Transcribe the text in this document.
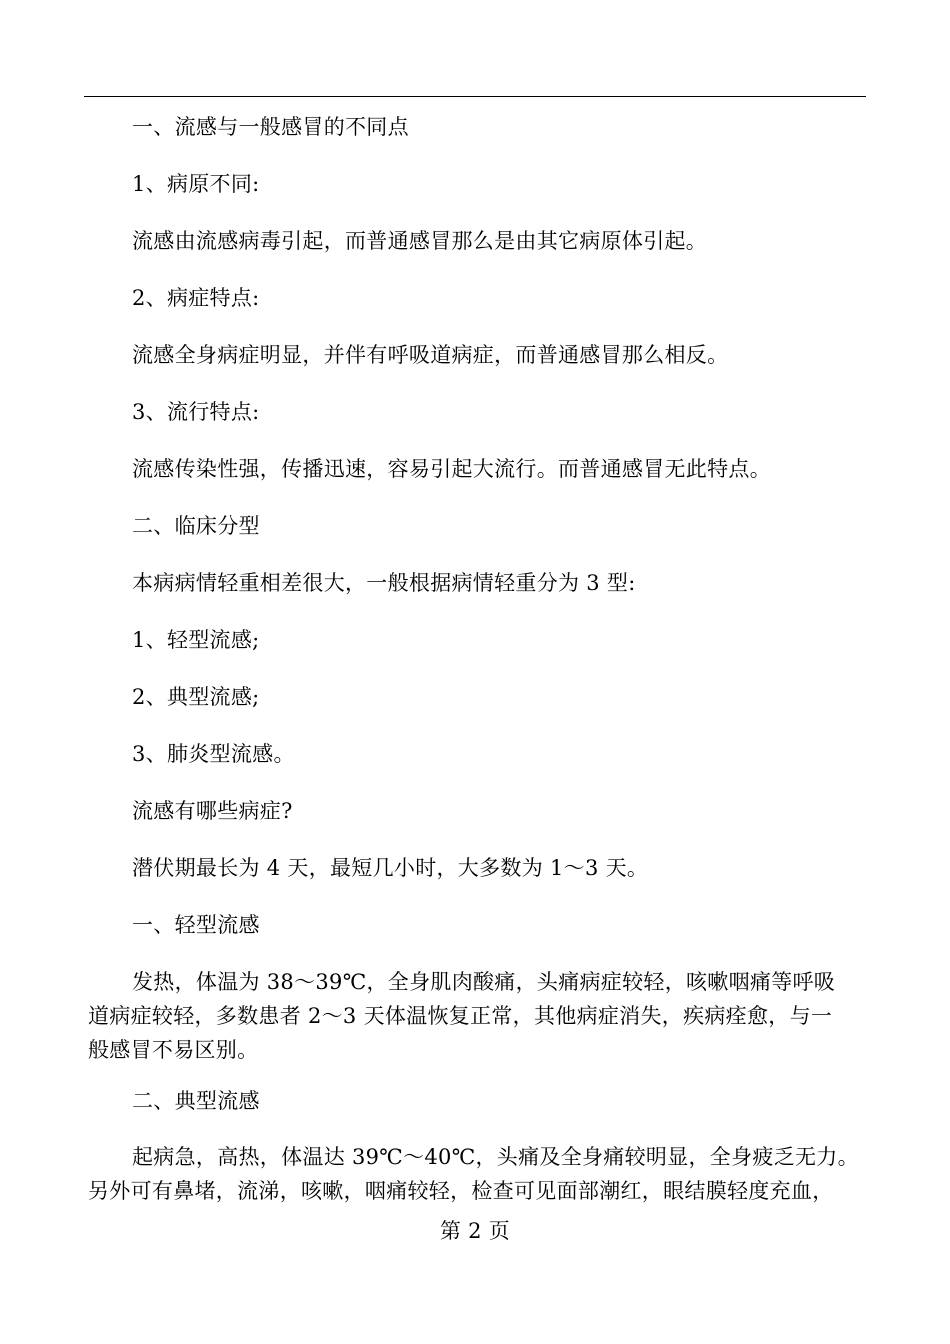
一、流感与一般感冒的不同点
1、病原不同:
流感由流感病毒引起，而普通感冒那么是由其它病原体引起。
2、病症特点:
流感全身病症明显，并伴有呼吸道病症，而普通感冒那么相反。
3、流行特点:
流感传染性强，传播迅速，容易引起大流行。而普通感冒无此特点。
二、临床分型
本病病情轻重相差很大，一般根据病情轻重分为 3 型:
1、轻型流感;
2、典型流感;
3、肺炎型流感。
流感有哪些病症?
潜伏期最长为 4 天，最短几小时，大多数为 1～3 天。
一、轻型流感
发热，体温为 38～39℃，全身肌肉酸痛，头痛病症较轻，咳嗽咽痛等呼吸
道病症较轻，多数患者 2～3 天体温恢复正常，其他病症消失，疾病痊愈，与一
般感冒不易区别。
二、典型流感
起病急，高热，体温达 39℃～40℃，头痛及全身痛较明显，全身疲乏无力。
另外可有鼻堵，流涕，咳嗽，咽痛较轻，检查可见面部潮红，眼结膜轻度充血，
第 2 页
